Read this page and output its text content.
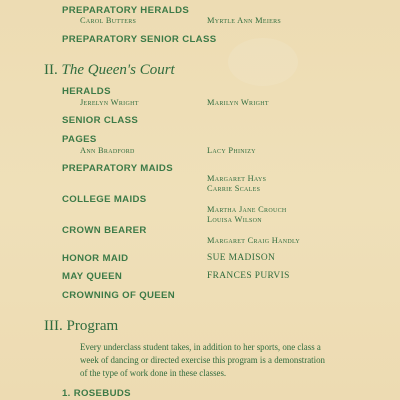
PREPARATORY HERALDS
Carol Butters	Myrtle Ann Meiers
PREPARATORY SENIOR CLASS
II. The Queen's Court
HERALDS
Jerelyn Wright	Marilyn Wright
SENIOR CLASS
PAGES
Ann Bradford	Lacy Phinizy
PREPARATORY MAIDS
Margaret Hays
Carrie Scales
COLLEGE MAIDS
Martha Jane Crouch
Louisa Wilson
CROWN BEARER
Margaret Craig Handly
HONOR MAID	SUE MADISON
MAY QUEEN	FRANCES PURVIS
CROWNING OF QUEEN
III. Program
Every underclass student takes, in addition to her sports, one class a
week of dancing or directed exercise this program is a demonstration
of the type of work done in these classes.
1. ROSEBUDS
